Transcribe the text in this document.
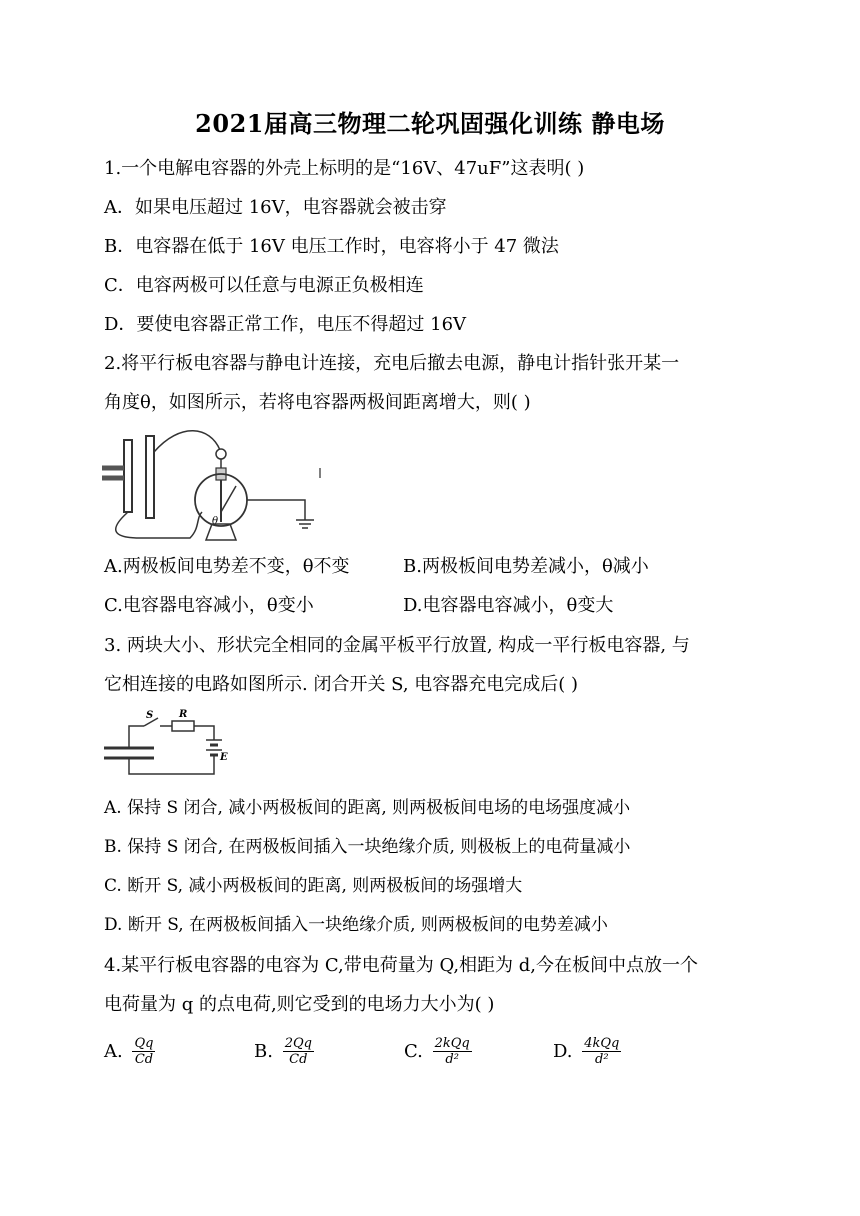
2021届高三物理二轮巩固强化训练 静电场
1.一个电解电容器的外壳上标明的是“16V、47uF”这表明( )
A．如果电压超过 16V，电容器就会被击穿
B．电容器在低于 16V 电压工作时，电容将小于 47 微法
C．电容两极可以任意与电源正负极相连
D．要使电容器正常工作，电压不得超过 16V
2.将平行板电容器与静电计连接，充电后撤去电源，静电计指针张开某一
角度θ，如图所示，若将电容器两极间距离增大，则( )
θ
A.两极板间电势差不变，θ不变	B.两极板间电势差减小，θ减小
C.电容器电容减小，θ变小	D.电容器电容减小，θ变大
3. 两块大小、形状完全相同的金属平板平行放置, 构成一平行板电容器, 与
它相连接的电路如图所示. 闭合开关 S, 电容器充电完成后( )
S	R
E
A. 保持 S 闭合, 减小两极板间的距离, 则两极板间电场的电场强度减小
B. 保持 S 闭合, 在两极板间插入一块绝缘介质, 则极板上的电荷量减小
C. 断开 S, 减小两极板间的距离, 则两极板间的场强增大
D. 断开 S, 在两极板间插入一块绝缘介质, 则两极板间的电势差减小
4.某平行板电容器的电容为 C,带电荷量为 Q,相距为 d,今在板间中点放一个
电荷量为 q 的点电荷,则它受到的电场力大小为( )
A. $\frac{Qq}{Cd}$	B. $\frac{2Qq}{Cd}$	C. $\frac{\text{2kQq}}{\text{d²}}$	D. $\frac{\text{4kQq}}{\text{d²}}$
